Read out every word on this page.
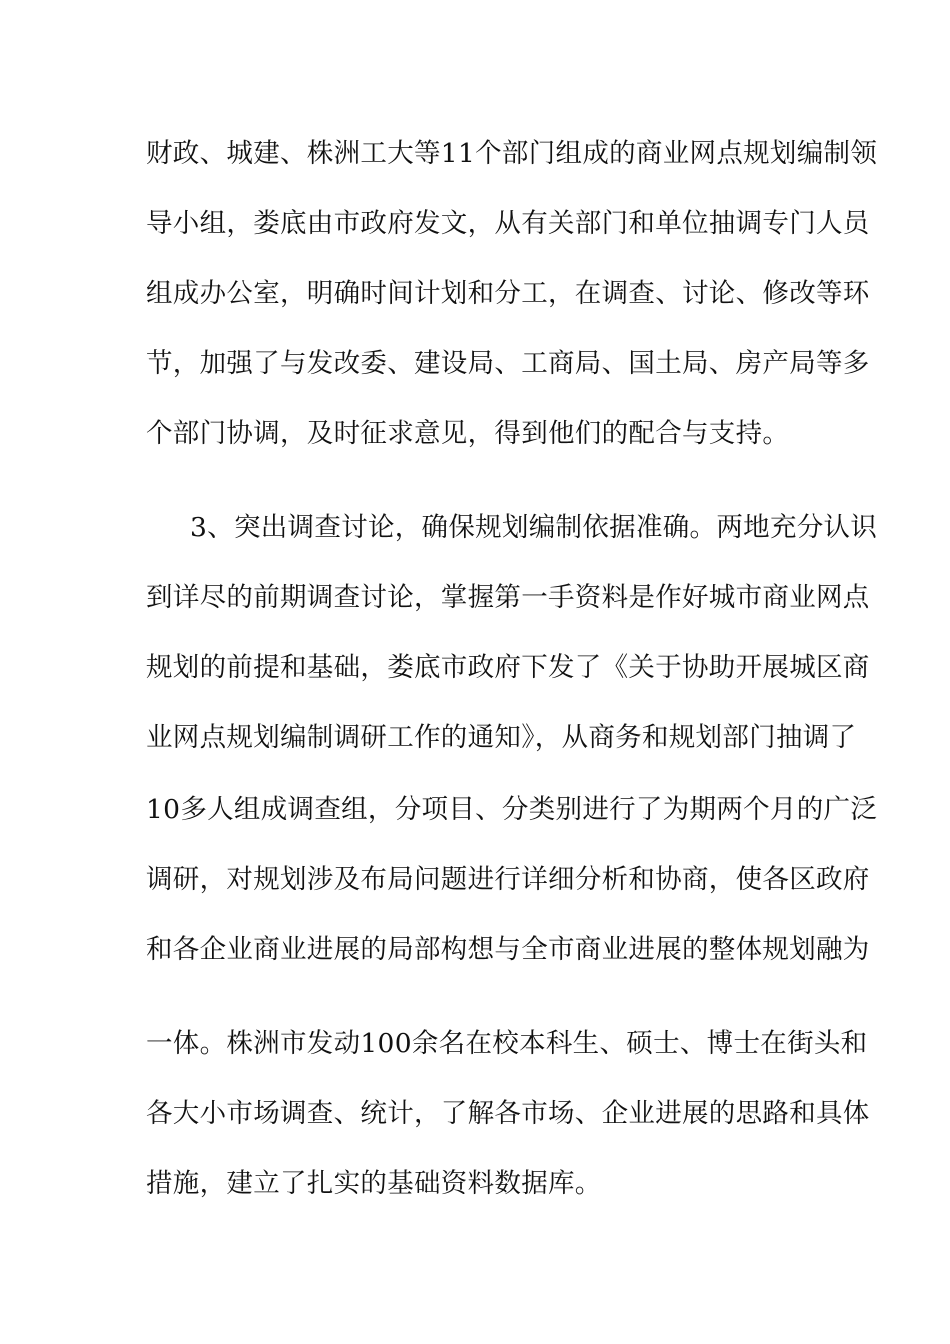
财政、城建、株洲工大等11个部门组成的商业网点规划编制领
导小组，娄底由市政府发文，从有关部门和单位抽调专门人员
组成办公室，明确时间计划和分工，在调查、讨论、修改等环
节，加强了与发改委、建设局、工商局、国土局、房产局等多
个部门协调，及时征求意见，得到他们的配合与支持。
3、突出调查讨论，确保规划编制依据准确。两地充分认识
到详尽的前期调查讨论，掌握第一手资料是作好城市商业网点
规划的前提和基础，娄底市政府下发了《关于协助开展城区商
业网点规划编制调研工作的通知》，从商务和规划部门抽调了
10多人组成调查组，分项目、分类别进行了为期两个月的广泛
调研，对规划涉及布局问题进行详细分析和协商，使各区政府
和各企业商业进展的局部构想与全市商业进展的整体规划融为
一体。株洲市发动100余名在校本科生、硕士、博士在街头和
各大小市场调查、统计，了解各市场、企业进展的思路和具体
措施，建立了扎实的基础资料数据库。
